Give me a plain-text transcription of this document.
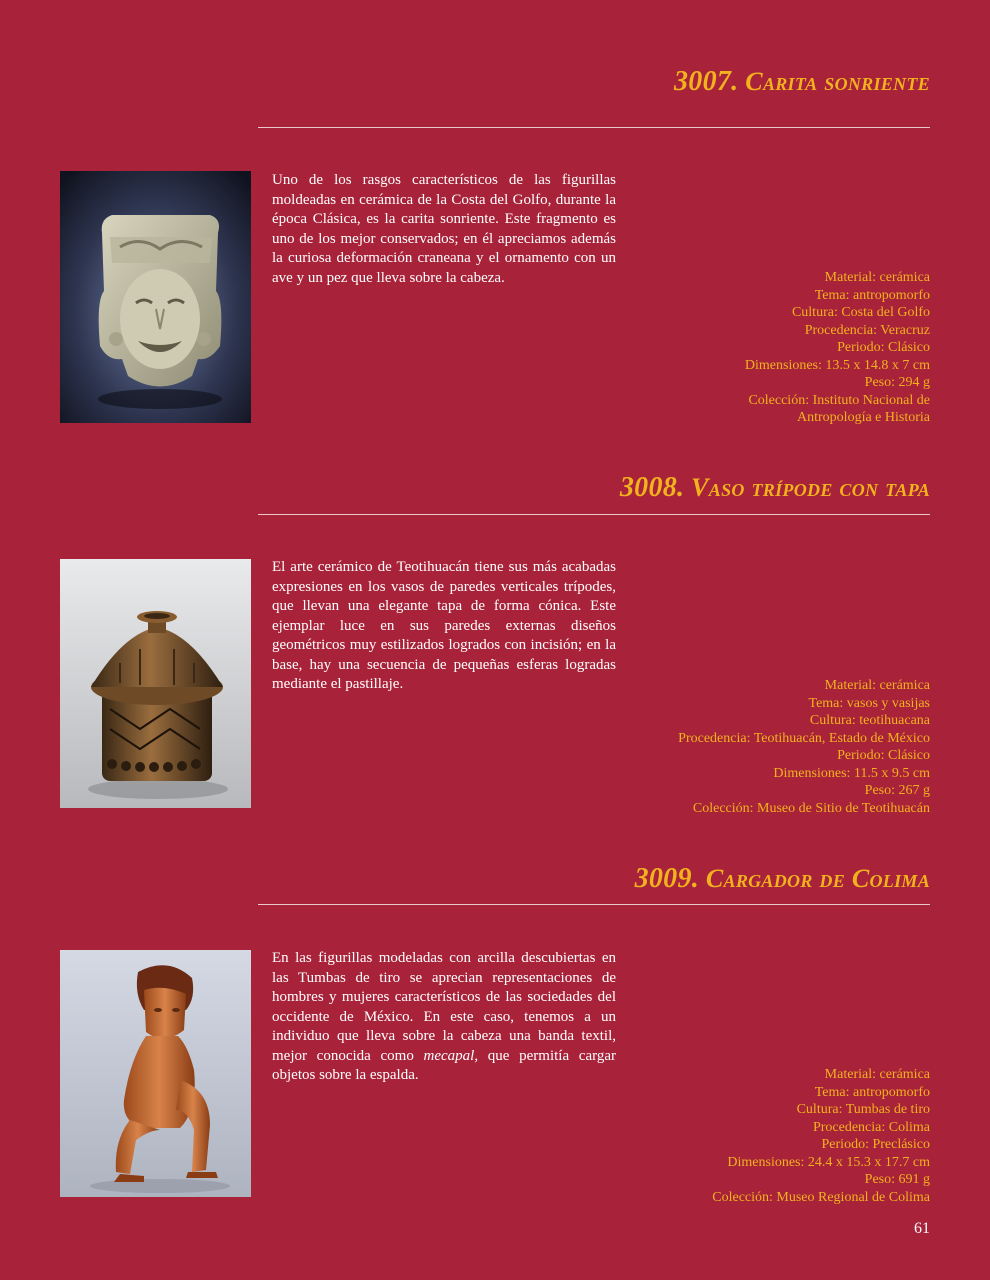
3007. Carita sonriente

Uno de los rasgos característicos de las figurillas moldeadas en cerámica de la Costa del Golfo, durante la época Clásica, es la carita sonriente. Este fragmento es uno de los mejor conservados; en él apreciamos además la curiosa deformación craneana y el ornamento con un ave y un pez que lleva sobre la cabeza.	Material: cerámica
Tema: antropomorfo
Cultura: Costa del Golfo
Procedencia: Veracruz
Periodo: Clásico
Dimensiones: 13.5 x 14.8 x 7 cm
Peso: 294 g
Colección: Instituto Nacional de
Antropología e Historia
3008. Vaso trípode con tapa

El arte cerámico de Teotihuacán tiene sus más acabadas expresiones en los vasos de paredes verticales trípodes, que llevan una elegante tapa de forma cónica. Este ejemplar luce en sus paredes externas diseños geométricos muy estilizados logrados con incisión; en la base, hay una secuencia de pequeñas esferas logradas mediante el pastillaje.	Material: cerámica
Tema: vasos y vasijas
Cultura: teotihuacana
Procedencia: Teotihuacán, Estado de México
Periodo: Clásico
Dimensiones: 11.5 x 9.5 cm
Peso: 267 g
Colección: Museo de Sitio de Teotihuacán
3009. Cargador de Colima

En las figurillas modeladas con arcilla descubiertas en las Tumbas de tiro se aprecian representaciones de hombres y mujeres característicos de las sociedades del occidente de México. En este caso, tenemos a un individuo que lleva sobre la cabeza una banda textil, mejor conocida como mecapal, que permitía cargar objetos sobre la espalda.	Material: cerámica
Tema: antropomorfo
Cultura: Tumbas de tiro
Procedencia: Colima
Periodo: Preclásico
Dimensiones: 24.4 x 15.3 x 17.7 cm
Peso: 691 g
Colección: Museo Regional de Colima
61
